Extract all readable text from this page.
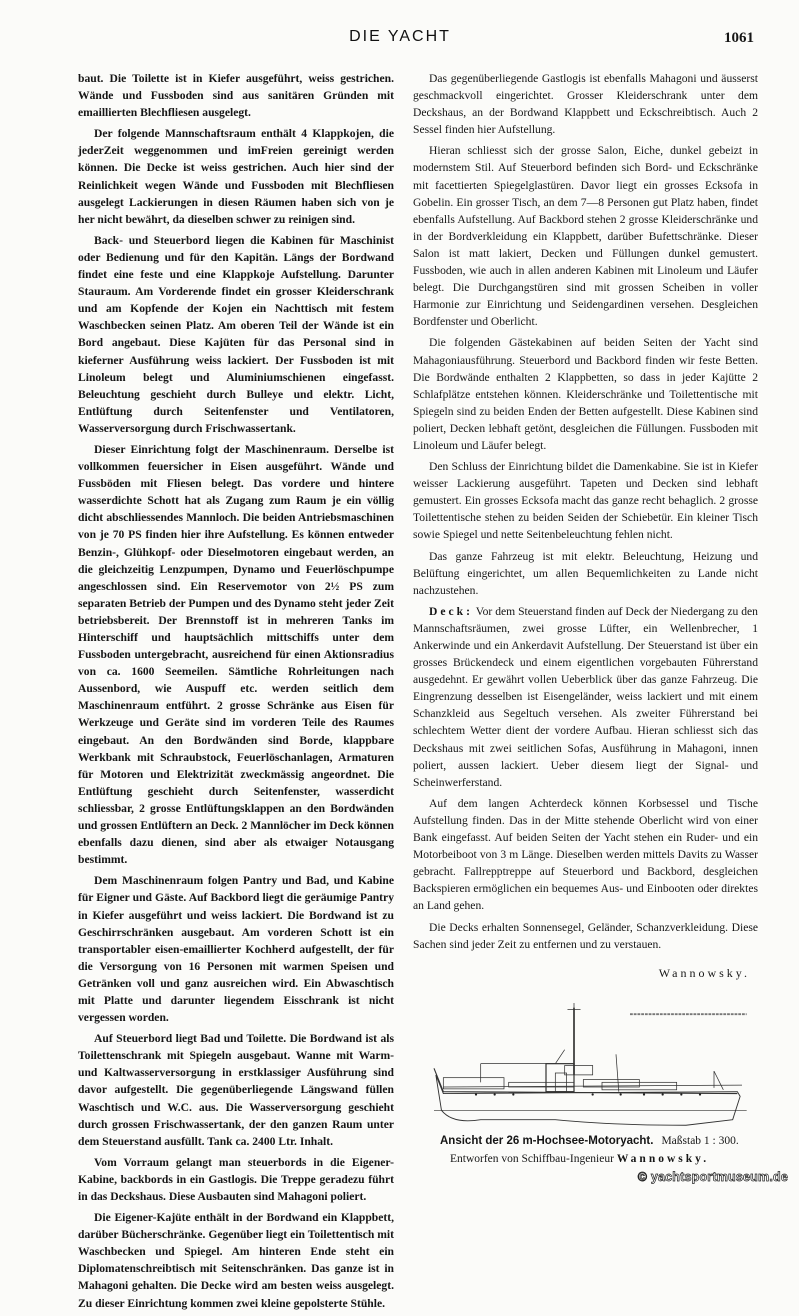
DIE YACHT	1061

baut. Die Toilette ist in Kiefer ausgeführt, weiss gestrichen. Wände und Fussboden sind aus sanitären Gründen mit emaillierten Blechfliesen ausgelegt.

Der folgende Mannschaftsraum enthält 4 Klappkojen, die jederZeit weggenommen und imFreien gereinigt werden können. Die Decke ist weiss gestrichen. Auch hier sind der Reinlichkeit wegen Wände und Fussboden mit Blechfliesen ausgelegt Lackierungen in diesen Räumen haben sich von je her nicht bewährt, da dieselben schwer zu reinigen sind.

Back- und Steuerbord liegen die Kabinen für Maschinist oder Bedienung und für den Kapitän. Längs der Bordwand findet eine feste und eine Klappkoje Aufstellung. Darunter Stauraum. Am Vorderende findet ein grosser Kleiderschrank und am Kopfende der Kojen ein Nachttisch mit festem Waschbecken seinen Platz. Am oberen Teil der Wände ist ein Bord angebaut. Diese Kajüten für das Personal sind in kieferner Ausführung weiss lackiert. Der Fussboden ist mit Linoleum belegt und Aluminiumschienen eingefasst. Beleuchtung geschieht durch Bulleye und elektr. Licht, Entlüftung durch Seitenfenster und Ventilatoren, Wasserversorgung durch Frischwassertank.

Dieser Einrichtung folgt der Maschinenraum. Derselbe ist vollkommen feuersicher in Eisen ausgeführt. Wände und Fussböden mit Fliesen belegt. Das vordere und hintere wasserdichte Schott hat als Zugang zum Raum je ein völlig dicht abschliessendes Mannloch. Die beiden Antriebsmaschinen von je 70 PS finden hier ihre Aufstellung. Es können entweder Benzin-, Glühkopf- oder Dieselmotoren eingebaut werden, an die gleichzeitig Lenzpumpen, Dynamo und Feuerlöschpumpe angeschlossen sind. Ein Reservemotor von 2½ PS zum separaten Betrieb der Pumpen und des Dynamo steht jeder Zeit betriebsbereit. Der Brennstoff ist in mehreren Tanks im Hinterschiff und hauptsächlich mittschiffs unter dem Fussboden untergebracht, ausreichend für einen Aktionsradius von ca. 1600 Seemeilen. Sämtliche Rohrleitungen nach Aussenbord, wie Auspuff etc. werden seitlich dem Maschinenraum entführt. 2 grosse Schränke aus Eisen für Werkzeuge und Geräte sind im vorderen Teile des Raumes eingebaut. An den Bordwänden sind Borde, klappbare Werkbank mit Schraubstock, Feuerlöschanlagen, Armaturen für Motoren und Elektrizität zweckmässig angeordnet. Die Entlüftung geschieht durch Seitenfenster, wasserdicht schliessbar, 2 grosse Entlüftungsklappen an den Bordwänden und grossen Entlüftern an Deck. 2 Mannlöcher im Deck können ebenfalls dazu dienen, sind aber als etwaiger Notausgang bestimmt.

Dem Maschinenraum folgen Pantry und Bad, und Kabine für Eigner und Gäste. Auf Backbord liegt die geräumige Pantry in Kiefer ausgeführt und weiss lackiert. Die Bordwand ist zu Geschirrschränken ausgebaut. Am vorderen Schott ist ein transportabler eisen-emaillierter Kochherd aufgestellt, der für die Versorgung von 16 Personen mit warmen Speisen und Getränken voll und ganz ausreichen wird. Ein Abwaschtisch mit Platte und darunter liegendem Eisschrank ist nicht vergessen worden.

Auf Steuerbord liegt Bad und Toilette. Die Bordwand ist als Toilettenschrank mit Spiegeln ausgebaut. Wanne mit Warm- und Kaltwasserversorgung in erstklassiger Ausführung sind davor aufgestellt. Die gegenüberliegende Längswand füllen Waschtisch und W.C. aus. Die Wasserversorgung geschieht durch grossen Frischwassertank, der den ganzen Raum unter dem Steuerstand ausfüllt. Tank ca. 2400 Ltr. Inhalt.

Vom Vorraum gelangt man steuerbords in die Eigener-Kabine, backbords in ein Gastlogis. Die Treppe geradezu führt in das Deckshaus. Diese Ausbauten sind Mahagoni poliert.

Die Eigener-Kajüte enthält in der Bordwand ein Klappbett, darüber Bücherschränke. Gegenüber liegt ein Toilettentisch mit Waschbecken und Spiegel. Am hinteren Ende steht ein Diplomatenschreibtisch mit Seitenschränken. Das ganze ist in Mahagoni gehalten. Die Decke wird am besten weiss ausgelegt. Zu dieser Einrichtung kommen zwei kleine gepolsterte Stühle.

Das gegenüberliegende Gastlogis ist ebenfalls Mahagoni und äusserst geschmackvoll eingerichtet. Grosser Kleiderschrank unter dem Deckshaus, an der Bordwand Klappbett und Eckschreibtisch. Auch 2 Sessel finden hier Aufstellung.

Hieran schliesst sich der grosse Salon, Eiche, dunkel gebeizt in modernstem Stil. Auf Steuerbord befinden sich Bord- und Eckschränke mit facettierten Spiegelglastüren. Davor liegt ein grosses Ecksofa in Gobelin. Ein grosser Tisch, an dem 7—8 Personen gut Platz haben, findet ebenfalls Aufstellung. Auf Backbord stehen 2 grosse Kleiderschränke und in der Bordverkleidung ein Klappbett, darüber Bufettschränke. Dieser Salon ist matt lakiert, Decken und Füllungen dunkel gemustert. Fussboden, wie auch in allen anderen Kabinen mit Linoleum und Läufer belegt. Die Durchgangstüren sind mit grossen Scheiben in voller Harmonie zur Einrichtung und Seidengardinen versehen. Desgleichen Bordfenster und Oberlicht.

Die folgenden Gästekabinen auf beiden Seiten der Yacht sind Mahagoniausführung. Steuerbord und Backbord finden wir feste Betten. Die Bordwände enthalten 2 Klappbetten, so dass in jeder Kajütte 2 Schlafplätze entstehen können. Kleiderschränke und Toilettentische mit Spiegeln sind zu beiden Enden der Betten aufgestellt. Diese Kabinen sind poliert, Decken lebhaft getönt, desgleichen die Füllungen. Fussboden mit Linoleum und Läufer belegt.

Den Schluss der Einrichtung bildet die Damenkabine. Sie ist in Kiefer weisser Lackierung ausgeführt. Tapeten und Decken sind lebhaft gemustert. Ein grosses Ecksofa macht das ganze recht behaglich. 2 grosse Toilettentische stehen zu beiden Seiden der Schiebetür. Ein kleiner Tisch sowie Spiegel und nette Seitenbeleuchtung fehlen nicht.

Das ganze Fahrzeug ist mit elektr. Beleuchtung, Heizung und Belüftung eingerichtet, um allen Bequemlichkeiten zu Lande nicht nachzustehen.

Deck: Vor dem Steuerstand finden auf Deck der Niedergang zu den Mannschaftsräumen, zwei grosse Lüfter, ein Wellenbrecher, 1 Ankerwinde und ein Ankerdavit Aufstellung. Der Steuerstand ist über ein grosses Brückendeck und einem eigentlichen vorgebauten Führerstand ausgedehnt. Er gewährt vollen Ueberblick über das ganze Fahrzeug. Die Eingrenzung desselben ist Eisengeländer, weiss lackiert und mit einem Schanzkleid aus Segeltuch versehen. Als zweiter Führerstand bei schlechtem Wetter dient der vordere Aufbau. Hieran schliesst sich das Deckshaus mit zwei seitlichen Sofas, Ausführung in Mahagoni, innen poliert, aussen lackiert. Ueber diesem liegt der Signal- und Scheinwerferstand.

Auf dem langen Achterdeck können Korbsessel und Tische Aufstellung finden. Das in der Mitte stehende Oberlicht wird von einer Bank eingefasst. Auf beiden Seiten der Yacht stehen ein Ruder- und ein Motorbeiboot von 3 m Länge. Dieselben werden mittels Davits zu Wasser gebracht. Fallrepptreppe auf Steuerbord und Backbord, desgleichen Backspieren ermöglichen ein bequemes Aus- und Einbooten oder direktes an Land gehen.

Die Decks erhalten Sonnensegel, Geländer, Schanzverkleidung. Diese Sachen sind jeder Zeit zu entfernen und zu verstauen.

Wannowsky.
Ansicht der 26 m-Hochsee-Motoryacht. Maßstab 1 : 300.
Entworfen von Schiffbau-Ingenieur Wannowsky.
© yachtsportmuseum.de
